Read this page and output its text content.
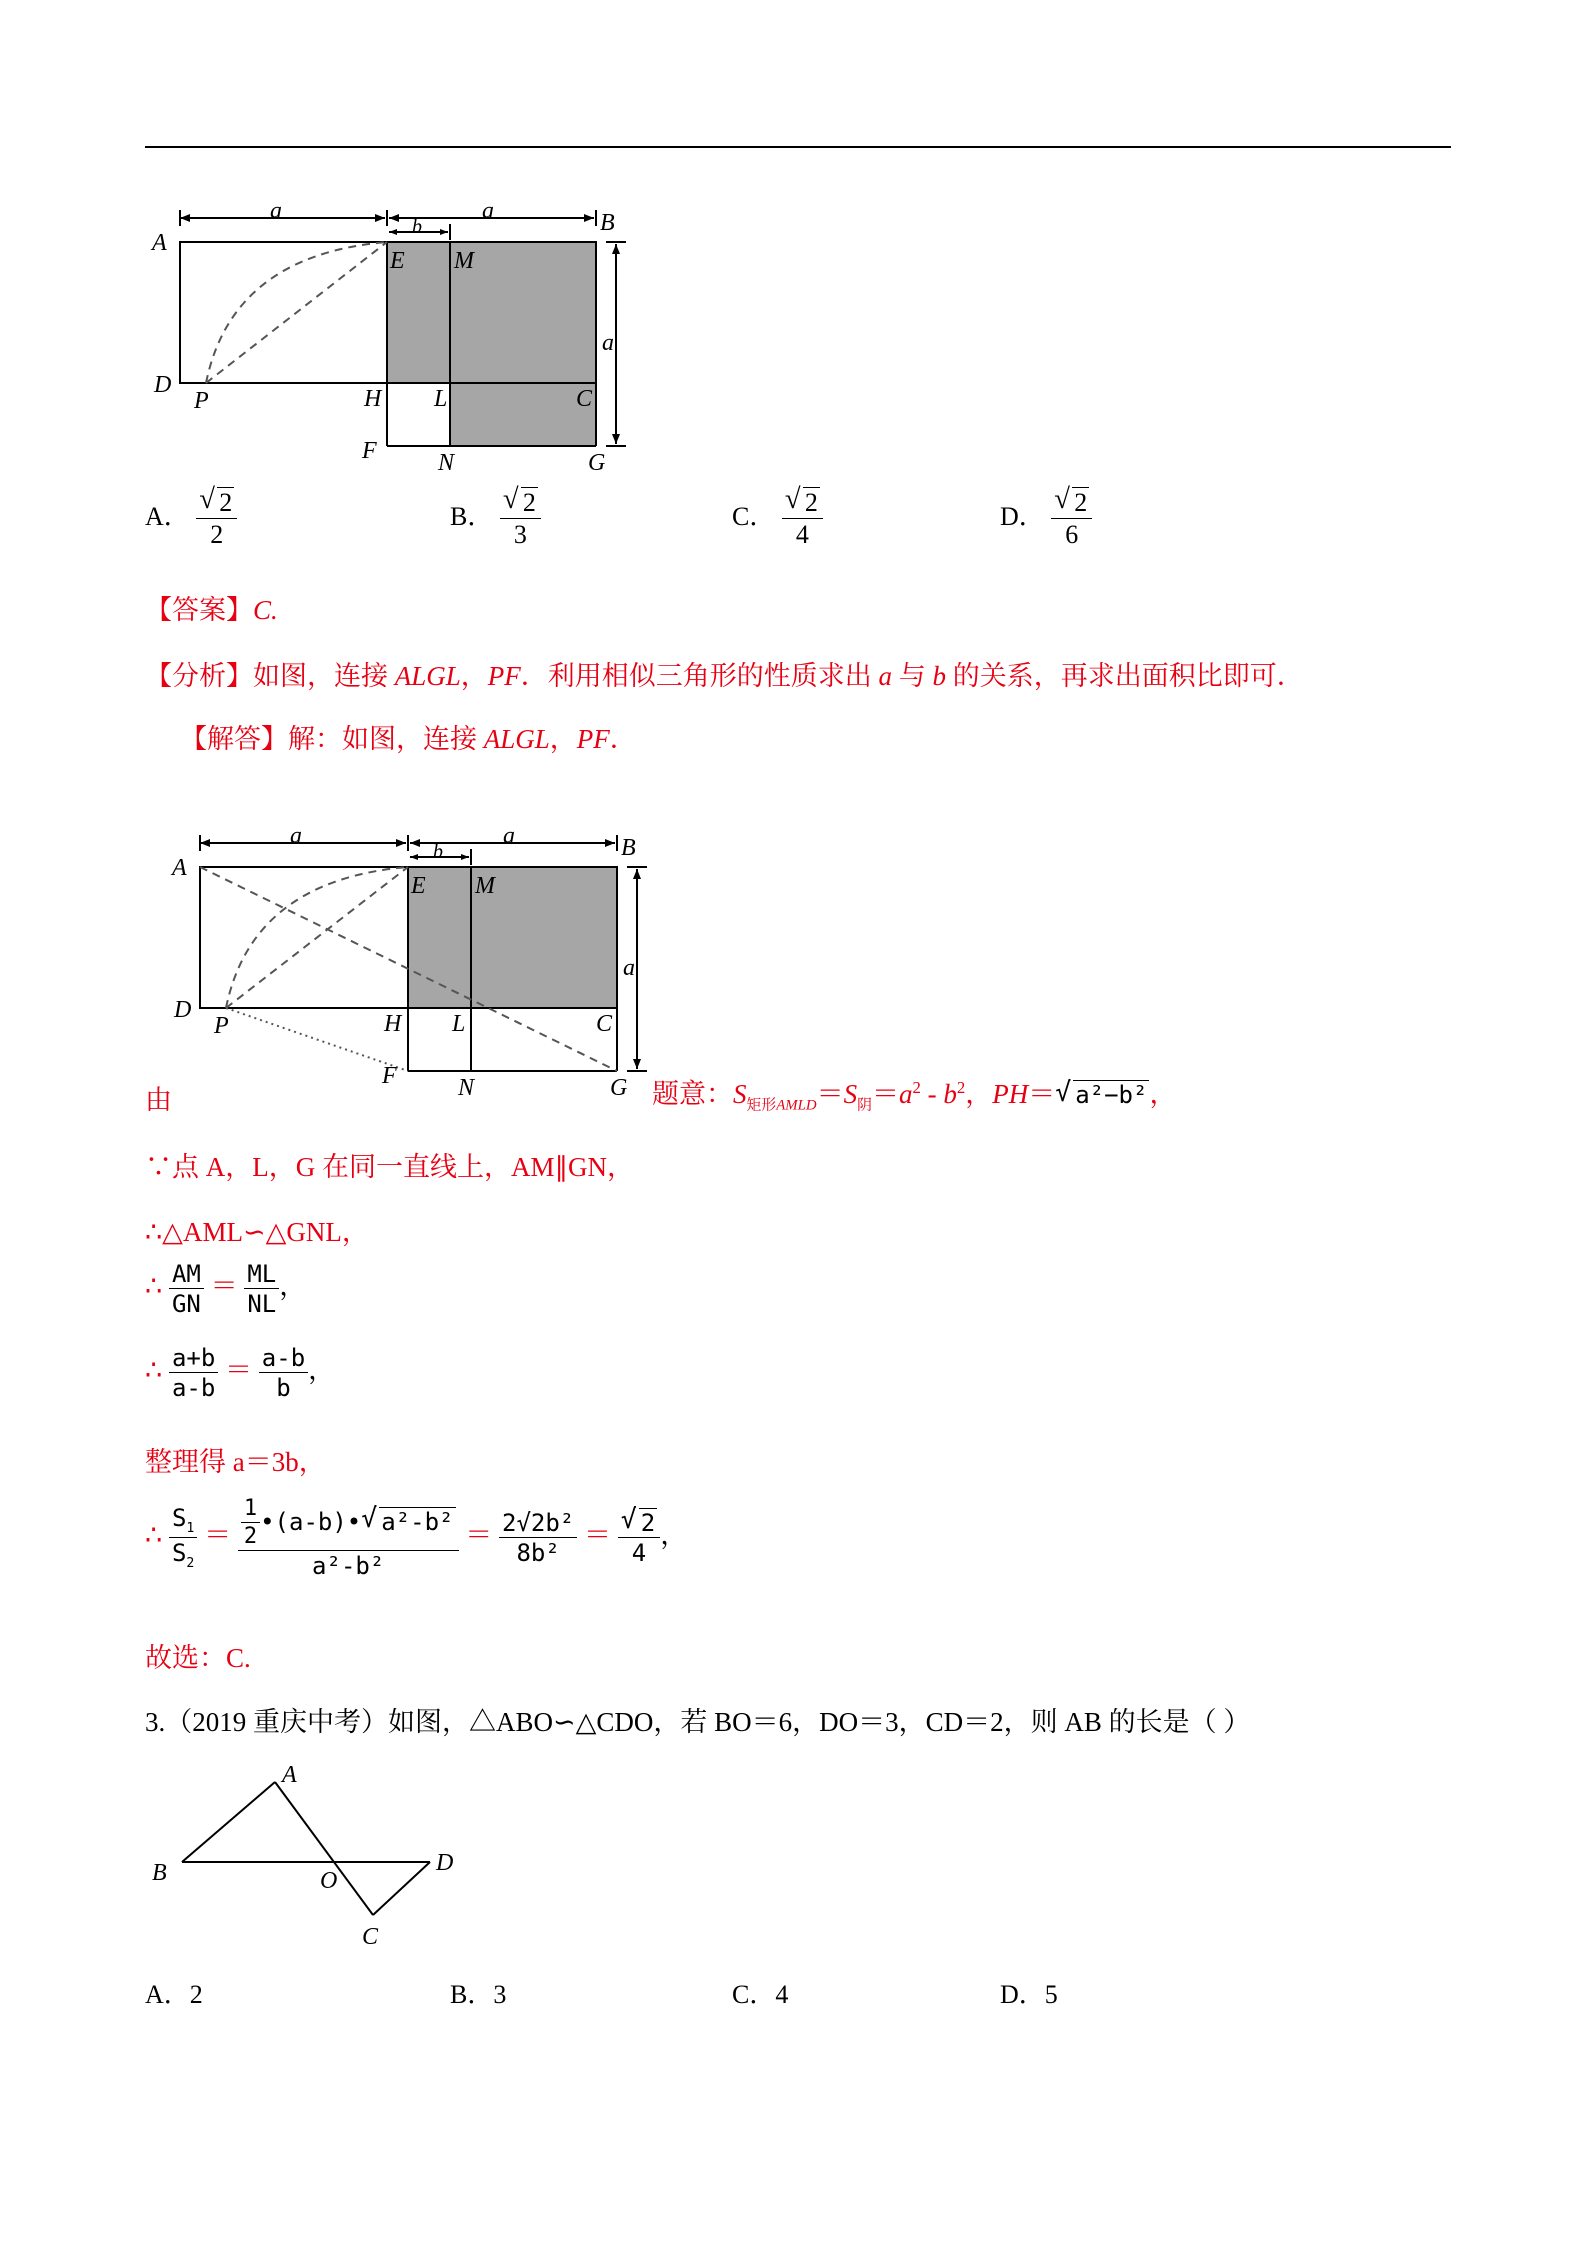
a
b
a
a
A
B
E M
D
P	H L	C
F	N	G
A． $\frac{√ 2}{2}$	B． $\frac{√ 2}{3}$	C． $\frac{√ 2}{4}$	D． $\frac{√ 2}{6}$
【答案】C.
【分析】如图，连接 ALGL，PF．利用相似三角形的性质求出 a 与 b 的关系，再求出面积比即可．
【解答】解：如图，连接 ALGL，PF．
a
b
a
a
A
B
E M
D
P	H L	C
F	N	G
由	题意：$S_{矩形AMLD}=S_阴=a^2 - b^2$，PH＝ √ a²−b²，
∵点 A，L，G 在同一直线上，AM∥GN，
∴△AML∽△GNL，
∴ $\frac{AM}{GN} = \frac{ML}{NL}$ ，
∴ $\frac{a+b}{a-b} = \frac{a-b}{b}$ ，
整理得 a＝3b，
∴ $\frac{S_1}{S_2} = \frac{\frac{1}{2} •(a-b)• √ a^2-b^2}{\text{a²-b²}} = \frac{\text{2√2b²}}{\text{8b²}} = \frac{√ 2}{4}$ ，
故选：C.
3.（2019 重庆中考）如图，△ABO∽△CDO，若 BO＝6，DO＝3，CD＝2，则 AB 的长是（ ）
A
B	O
C
D
A．2	B．3	C．4	D．5
